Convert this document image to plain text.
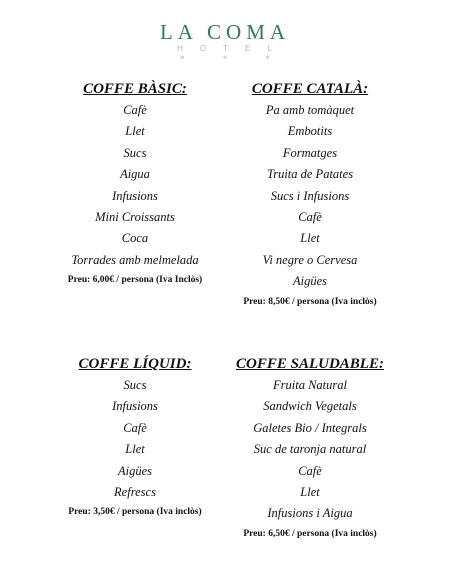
LA COMA
HOTEL
* * *
COFFE BÀSIC:
Cafè
Llet
Sucs
Aigua
Infusions
Mini Croissants
Coca
Torrades amb melmelada
Preu: 6,00€ / persona (Iva Inclòs)
COFFE CATALÀ:
Pa amb tomàquet
Embotits
Formatges
Truita de Patates
Sucs i Infusions
Cafè
Llet
Vi negre o Cervesa
Aigües
Preu: 8,50€ / persona (Iva inclòs)
COFFE LÍQUID:
Sucs
Infusions
Cafè
Llet
Aigües
Refrescs
Preu: 3,50€ / persona (Iva inclòs)
COFFE SALUDABLE:
Fruita Natural
Sandwich Vegetals
Galetes Bio / Integrals
Suc de taronja natural
Cafè
Llet
Infusions i Aigua
Preu: 6,50€ / persona (Iva inclòs)
